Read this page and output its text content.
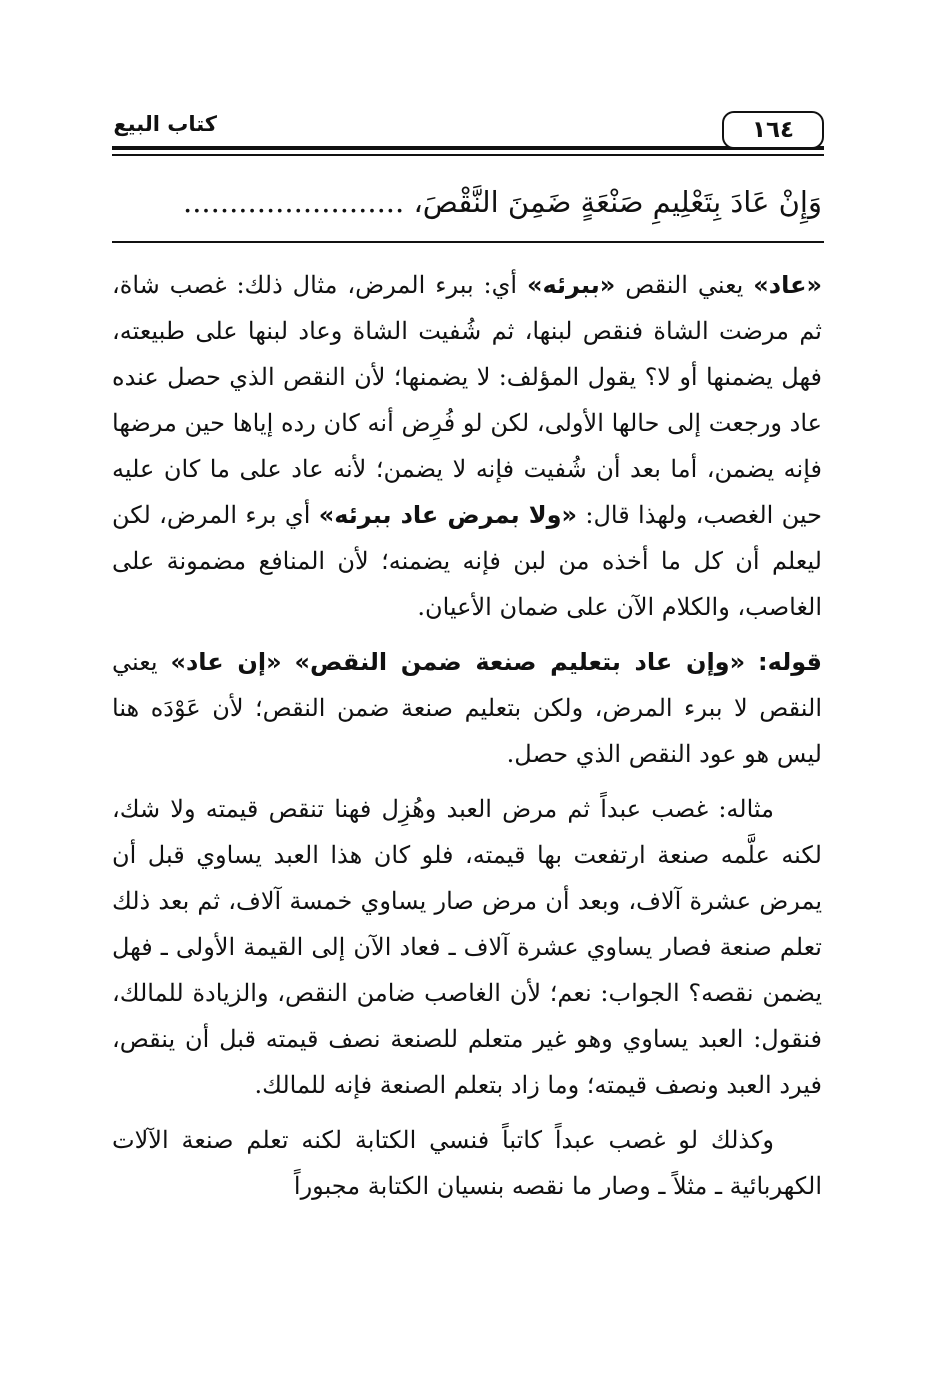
كتاب البيع	١٦٤
وَإِنْ عَادَ بِتَعْلِيمِ صَنْعَةٍ ضَمِنَ النَّقْصَ، ........................

«عاد» يعني النقص «ببرئه» أي: ببرء المرض، مثال ذلك: غصب شاة، ثم مرضت الشاة فنقص لبنها، ثم شُفيت الشاة وعاد لبنها على طبيعته، فهل يضمنها أو لا؟ يقول المؤلف: لا يضمنها؛ لأن النقص الذي حصل عنده عاد ورجعت إلى حالها الأولى، لكن لو فُرِض أنه كان رده إياها حين مرضها فإنه يضمن، أما بعد أن شُفيت فإنه لا يضمن؛ لأنه عاد على ما كان عليه حين الغصب، ولهذا قال: «ولا بمرض عاد ببرئه» أي برء المرض، لكن ليعلم أن كل ما أخذه من لبن فإنه يضمنه؛ لأن المنافع مضمونة على الغاصب، والكلام الآن على ضمان الأعيان.

قوله: «وإن عاد بتعليم صنعة ضمن النقص» «إن عاد» يعني النقص لا ببرء المرض، ولكن بتعليم صنعة ضمن النقص؛ لأن عَوْدَه هنا ليس هو عود النقص الذي حصل.

مثاله: غصب عبداً ثم مرض العبد وهُزِل فهنا تنقص قيمته ولا شك، لكنه علَّمه صنعة ارتفعت بها قيمته، فلو كان هذا العبد يساوي قبل أن يمرض عشرة آلاف، وبعد أن مرض صار يساوي خمسة آلاف، ثم بعد ذلك تعلم صنعة فصار يساوي عشرة آلاف ـ فعاد الآن إلى القيمة الأولى ـ فهل يضمن نقصه؟ الجواب: نعم؛ لأن الغاصب ضامن النقص، والزيادة للمالك، فنقول: العبد يساوي وهو غير متعلم للصنعة نصف قيمته قبل أن ينقص، فيرد العبد ونصف قيمته؛ وما زاد بتعلم الصنعة فإنه للمالك.

وكذلك لو غصب عبداً كاتباً فنسي الكتابة لكنه تعلم صنعة الآلات الكهربائية ـ مثلاً ـ وصار ما نقصه بنسيان الكتابة مجبوراً
